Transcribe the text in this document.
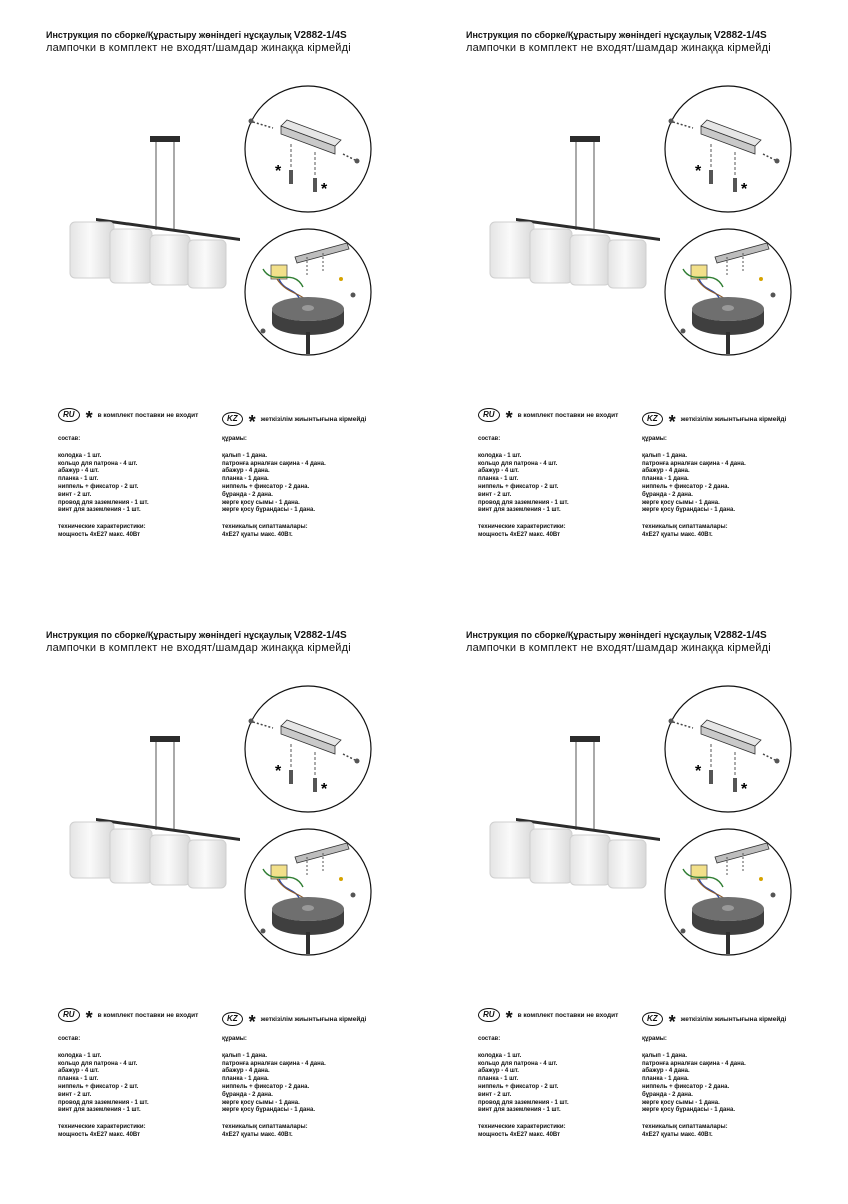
Инструкция по сборке/Құрастыру жөніндегі нұсқаулық V2882-1/4S
лампочки в комплект не входят/шамдар жинаққа кірмейді
*
*
RU * в комплект поставки не входит	KZ * жеткізілім жиынтығына кірмейді
состав:
колодка - 1 шт.
кольцо для патрона - 4 шт.
абажур - 4 шт.
планка - 1 шт.
ниппель + фиксатор - 2 шт.
винт - 2 шт.
провод для заземления - 1 шт.
винт для заземления - 1 шт.
технические характеристики:
мощность 4xE27 макс. 40Вт
құрамы:
қалып - 1 дана.
патронға арналған сақина - 4 дана.
абажур - 4 дана.
планка - 1 дана.
ниппель + фиксатор - 2 дана.
бұрандa - 2 дана.
жерге қосу сымы - 1 дана.
жерге қосу бұрандасы - 1 дана.
техникалық сипаттамалары:
4xE27 қуаты макс. 40Вт.
Инструкция по сборке/Құрастыру жөніндегі нұсқаулық V2882-1/4S
лампочки в комплект не входят/шамдар жинаққа кірмейді
*
*
RU * в комплект поставки не входит	KZ * жеткізілім жиынтығына кірмейді
состав:
колодка - 1 шт.
кольцо для патрона - 4 шт.
абажур - 4 шт.
планка - 1 шт.
ниппель + фиксатор - 2 шт.
винт - 2 шт.
провод для заземления - 1 шт.
винт для заземления - 1 шт.
технические характеристики:
мощность 4xE27 макс. 40Вт
құрамы:
қалып - 1 дана.
патронға арналған сақина - 4 дана.
абажур - 4 дана.
планка - 1 дана.
ниппель + фиксатор - 2 дана.
бұрандa - 2 дана.
жерге қосу сымы - 1 дана.
жерге қосу бұрандасы - 1 дана.
техникалық сипаттамалары:
4xE27 қуаты макс. 40Вт.
Инструкция по сборке/Құрастыру жөніндегі нұсқаулық V2882-1/4S
лампочки в комплект не входят/шамдар жинаққа кірмейді
*
*
RU * в комплект поставки не входит	KZ * жеткізілім жиынтығына кірмейді
состав:
колодка - 1 шт.
кольцо для патрона - 4 шт.
абажур - 4 шт.
планка - 1 шт.
ниппель + фиксатор - 2 шт.
винт - 2 шт.
провод для заземления - 1 шт.
винт для заземления - 1 шт.
технические характеристики:
мощность 4xE27 макс. 40Вт
құрамы:
қалып - 1 дана.
патронға арналған сақина - 4 дана.
абажур - 4 дана.
планка - 1 дана.
ниппель + фиксатор - 2 дана.
бұрандa - 2 дана.
жерге қосу сымы - 1 дана.
жерге қосу бұрандасы - 1 дана.
техникалық сипаттамалары:
4xE27 қуаты макс. 40Вт.
Инструкция по сборке/Құрастыру жөніндегі нұсқаулық V2882-1/4S
лампочки в комплект не входят/шамдар жинаққа кірмейді
*
*
RU * в комплект поставки не входит	KZ * жеткізілім жиынтығына кірмейді
состав:
колодка - 1 шт.
кольцо для патрона - 4 шт.
абажур - 4 шт.
планка - 1 шт.
ниппель + фиксатор - 2 шт.
винт - 2 шт.
провод для заземления - 1 шт.
винт для заземления - 1 шт.
технические характеристики:
мощность 4xE27 макс. 40Вт
құрамы:
қалып - 1 дана.
патронға арналған сақина - 4 дана.
абажур - 4 дана.
планка - 1 дана.
ниппель + фиксатор - 2 дана.
бұрандa - 2 дана.
жерге қосу сымы - 1 дана.
жерге қосу бұрандасы - 1 дана.
техникалық сипаттамалары:
4xE27 қуаты макс. 40Вт.
